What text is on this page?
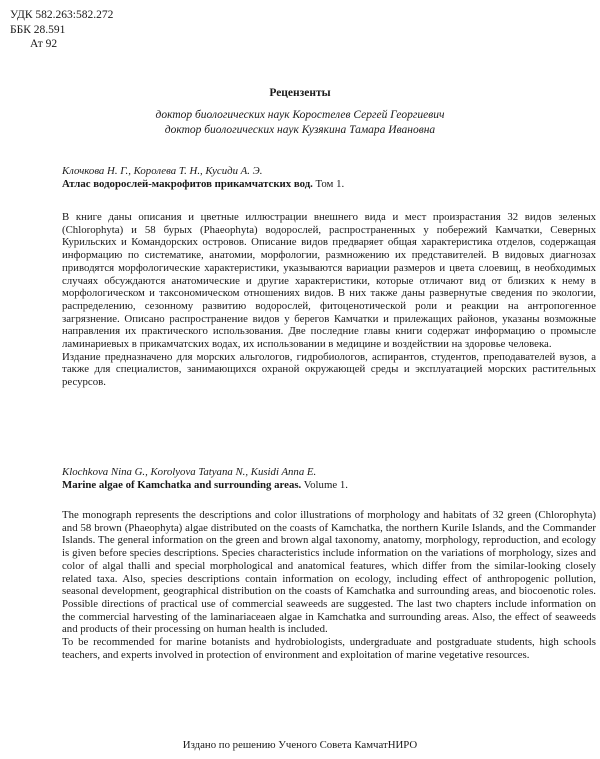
УДК 582.263:582.272
ББК 28.591
Ат 92
Рецензенты
доктор биологических наук Коростелев Сергей Георгиевич
доктор биологических наук Кузякина Тамара Ивановна
Клочкова Н. Г., Королева Т. Н., Кусиди А. Э.
Атлас водорослей-макрофитов прикамчатских вод. Том 1.

В книге даны описания и цветные иллюстрации внешнего вида и мест произрастания 32 видов зеленых (Chlorophyta) и 58 бурых (Phaeophyta) водорослей, распространенных у побережий Камчатки, Северных Курильских и Командорских островов. Описание видов предваряет общая характеристика отделов, содержащая информацию по систематике, анатомии, морфологии, размножению их представителей. В видовых диагнозах приводятся морфологические характеристики, указываются вариации размеров и цвета слоевищ, в необходимых случаях обсуждаются анатомические и другие характеристики, которые отличают вид от близких к нему в морфологическом и таксономическом отношениях видов. В них также даны развернутые сведения по экологии, распределению, сезонному развитию водорослей, фитоценотической роли и реакции на антропогенное загрязнение. Описано распространение видов у берегов Камчатки и прилежащих районов, указаны возможные направления их практического использования. Две последние главы книги содержат информацию о промысле ламинариевых в прикамчатских водах, их использовании в медицине и воздействии на здоровье человека.

Издание предназначено для морских альгологов, гидробиологов, аспирантов, студентов, преподавателей вузов, а также для специалистов, занимающихся охраной окружающей среды и эксплуатацией морских растительных ресурсов.

Klochkova Nina G., Korolyova Tatyana N., Kusidi Anna E.
Marine algae of Kamchatka and surrounding areas. Volume 1.

The monograph represents the descriptions and color illustrations of morphology and habitats of 32 green (Chlorophyta) and 58 brown (Phaeophyta) algae distributed on the coasts of Kamchatka, the northern Kurile Islands, and the Commander Islands. The general information on the green and brown algal taxonomy, anatomy, morphology, reproduction, and ecology is given before species descriptions. Species characteristics include information on the variations of morphology, sizes and color of algal thalli and special morphological and anatomical features, which differ from the similar-looking closely related taxa. Also, species descriptions contain information on ecology, including effect of anthropogenic pollution, seasonal development, geographical distribution on the coasts of Kamchatka and surrounding areas, and biocoenotic roles. Possible directions of practical use of commercial seaweeds are suggested. The last two chapters include information on the commercial harvesting of the laminariaceaen algae in Kamchatka and surrounding areas. Also, the effect of seaweeds and products of their processing on human health is included.

To be recommended for marine botanists and hydrobiologists, undergraduate and postgraduate students, high schools teachers, and experts involved in protection of environment and exploitation of marine vegetative resources.

Издано по решению Ученого Совета КамчатНИРО
